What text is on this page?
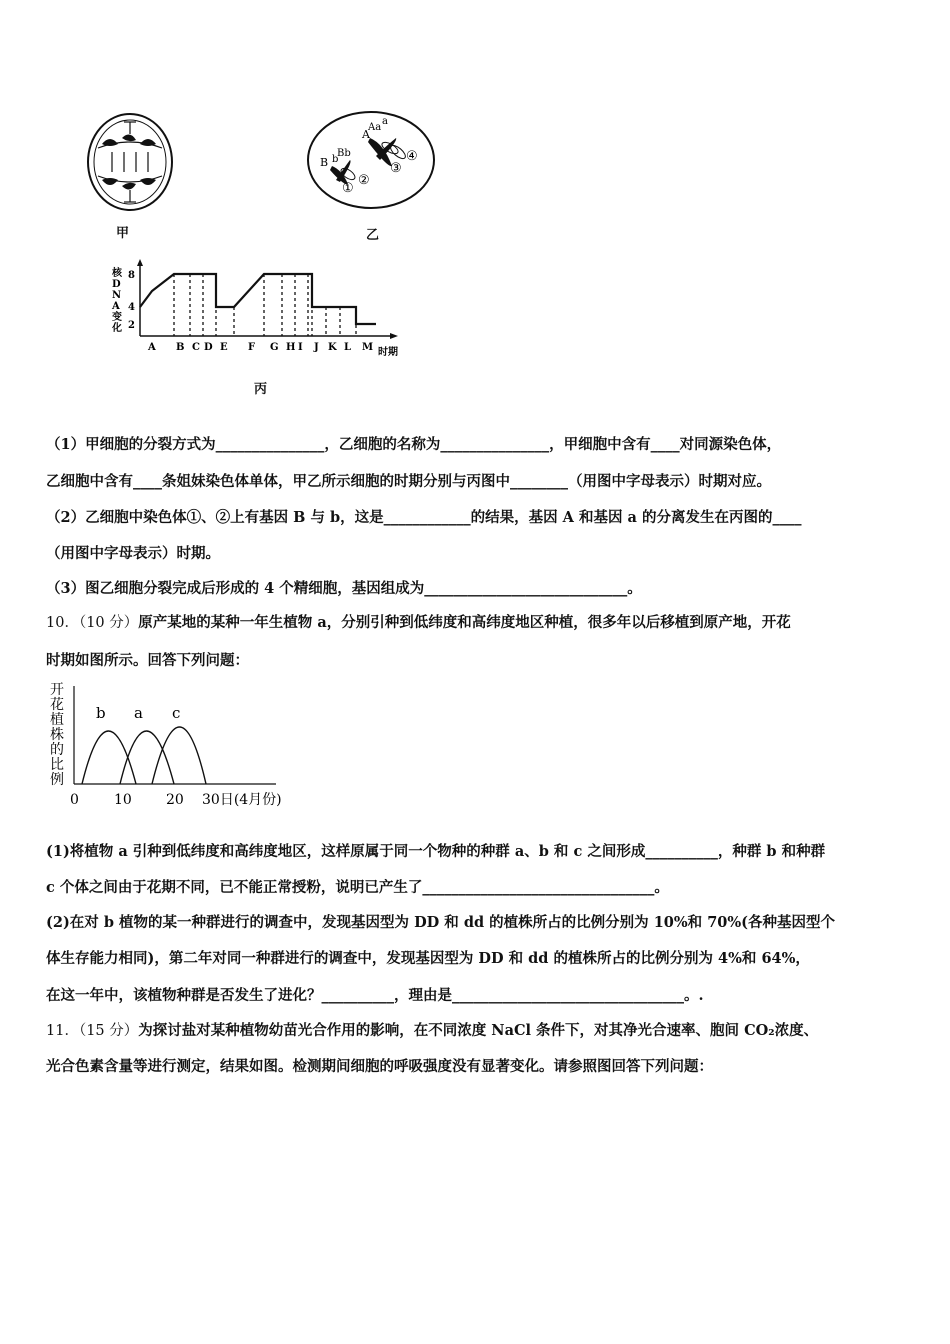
甲
B b
Bb
A
Aa
a
①
②
③
④
乙
核 D N A 变化
8
4
2
A B C D E F G H I J K L M 时期
丙
（1）甲细胞的分裂方式为_______________，乙细胞的名称为_______________，甲细胞中含有____对同源染色体，
乙细胞中含有____条姐妹染色体单体，甲乙所示细胞的时期分别与丙图中________（用图中字母表示）时期对应。
（2）乙细胞中染色体①、②上有基因 B 与 b，这是____________的结果，基因 A 和基因 a 的分离发生在丙图的____
（用图中字母表示）时期。
（3）图乙细胞分裂完成后形成的 4 个精细胞，基因组成为____________________________。
10．（10 分）原产某地的某种一年生植物 a，分别引种到低纬度和高纬度地区种植，很多年以后移植到原产地，开花
时期如图所示。回答下列问题：
开
花
植
株
的
比
例
b a c
0	10 20 30日(4月份)
(1)将植物 a 引种到低纬度和高纬度地区，这样原属于同一个物种的种群 a、b 和 c 之间形成__________，种群 b 和种群
c 个体之间由于花期不同，已不能正常授粉，说明已产生了________________________________。
(2)在对 b 植物的某一种群进行的调查中，发现基因型为 DD 和 dd 的植株所占的比例分别为 10%和 70%(各种基因型个
体生存能力相同)，第二年对同一种群进行的调查中，发现基因型为 DD 和 dd 的植株所占的比例分别为 4%和 64%，
在这一年中，该植物种群是否发生了进化？__________，理由是________________________________。.
11．（15 分）为探讨盐对某种植物幼苗光合作用的影响，在不同浓度 NaCl 条件下，对其净光合速率、胞间 CO₂浓度、
光合色素含量等进行测定，结果如图。检测期间细胞的呼吸强度没有显著变化。请参照图回答下列问题：
